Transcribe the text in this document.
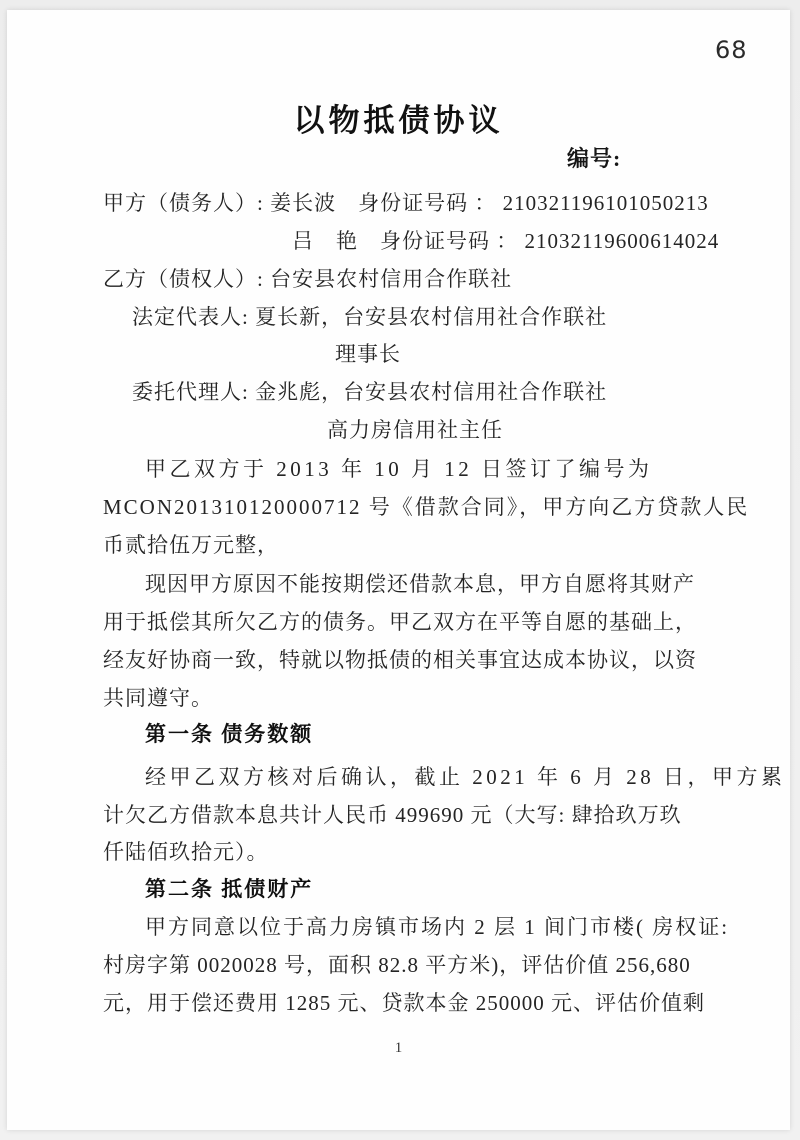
68
以物抵债协议
编号:
甲方（债务人）: 姜长波　身份证号码 ： 210321196101050213
吕　艳　身份证号码 ： 21032119600614024
乙方（债权人）: 台安县农村信用合作联社
法定代表人: 夏长新，台安县农村信用社合作联社
理事长
委托代理人: 金兆彪，台安县农村信用社合作联社
高力房信用社主任
甲乙双方于 2013 年 10 月 12 日签订了编号为
MCON201310120000712 号《借款合同》，甲方向乙方贷款人民
币贰拾伍万元整，
现因甲方原因不能按期偿还借款本息，甲方自愿将其财产
用于抵偿其所欠乙方的债务。甲乙双方在平等自愿的基础上，
经友好协商一致，特就以物抵债的相关事宜达成本协议，以资
共同遵守。
第一条 债务数额
经甲乙双方核对后确认，截止 2021 年 6 月 28 日，甲方累
计欠乙方借款本息共计人民币 499690 元（大写: 肆拾玖万玖
仟陆佰玖拾元）。
第二条 抵债财产
甲方同意以位于高力房镇市场内 2 层 1 间门市楼( 房权证:
村房字第 0020028 号，面积 82.8 平方米)，评估价值 256,680
元，用于偿还费用 1285 元、贷款本金 250000 元、评估价值剩
1
